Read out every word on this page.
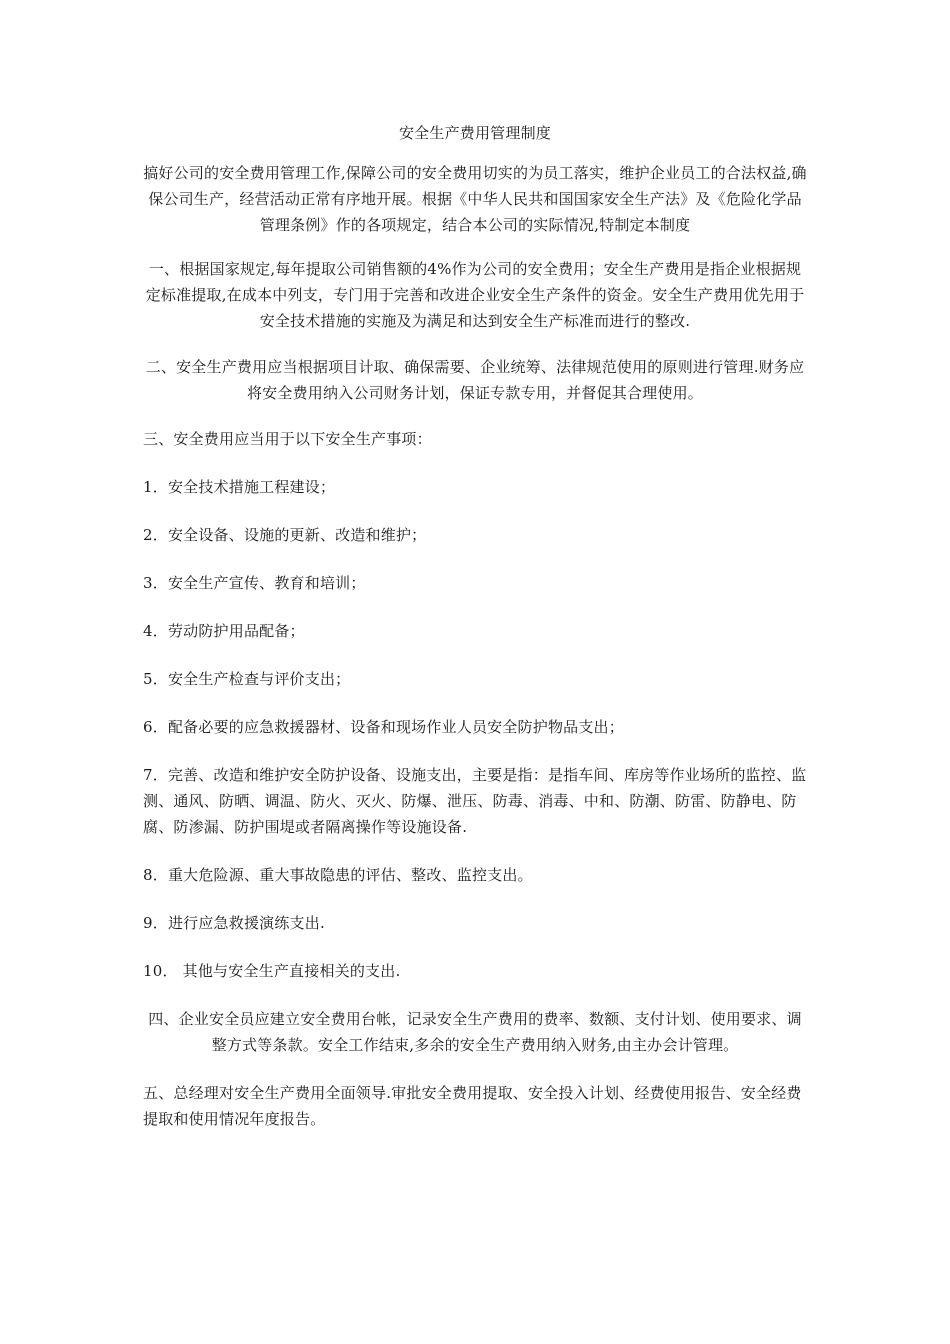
安全生产费用管理制度

搞好公司的安全费用管理工作,保障公司的安全费用切实的为员工落实，维护企业员工的合法权益,确保公司生产，经营活动正常有序地开展。根据《中华人民共和国国家安全生产法》及《危险化学品管理条例》作的各项规定，结合本公司的实际情况,特制定本制度

一、根据国家规定,每年提取公司销售额的4%作为公司的安全费用；安全生产费用是指企业根据规定标准提取,在成本中列支，专门用于完善和改进企业安全生产条件的资金。安全生产费用优先用于安全技术措施的实施及为满足和达到安全生产标准而进行的整改.

二、安全生产费用应当根据项目计取、确保需要、企业统筹、法律规范使用的原则进行管理.财务应将安全费用纳入公司财务计划，保证专款专用，并督促其合理使用。

三、安全费用应当用于以下安全生产事项：

1．安全技术措施工程建设；

2．安全设备、设施的更新、改造和维护；

3．安全生产宣传、教育和培训；

4．劳动防护用品配备；

5．安全生产检查与评价支出；

6．配备必要的应急救援器材、设备和现场作业人员安全防护物品支出；

7．完善、改造和维护安全防护设备、设施支出，主要是指：是指车间、库房等作业场所的监控、监测、通风、防晒、调温、防火、灭火、防爆、泄压、防毒、消毒、中和、防潮、防雷、防静电、防腐、防渗漏、防护围堤或者隔离操作等设施设备.

8．重大危险源、重大事故隐患的评估、整改、监控支出。

9．进行应急救援演练支出.

10． 其他与安全生产直接相关的支出.

四、企业安全员应建立安全费用台帐，记录安全生产费用的费率、数额、支付计划、使用要求、调整方式等条款。安全工作结束,多余的安全生产费用纳入财务,由主办会计管理。

五、总经理对安全生产费用全面领导.审批安全费用提取、安全投入计划、经费使用报告、安全经费提取和使用情况年度报告。
